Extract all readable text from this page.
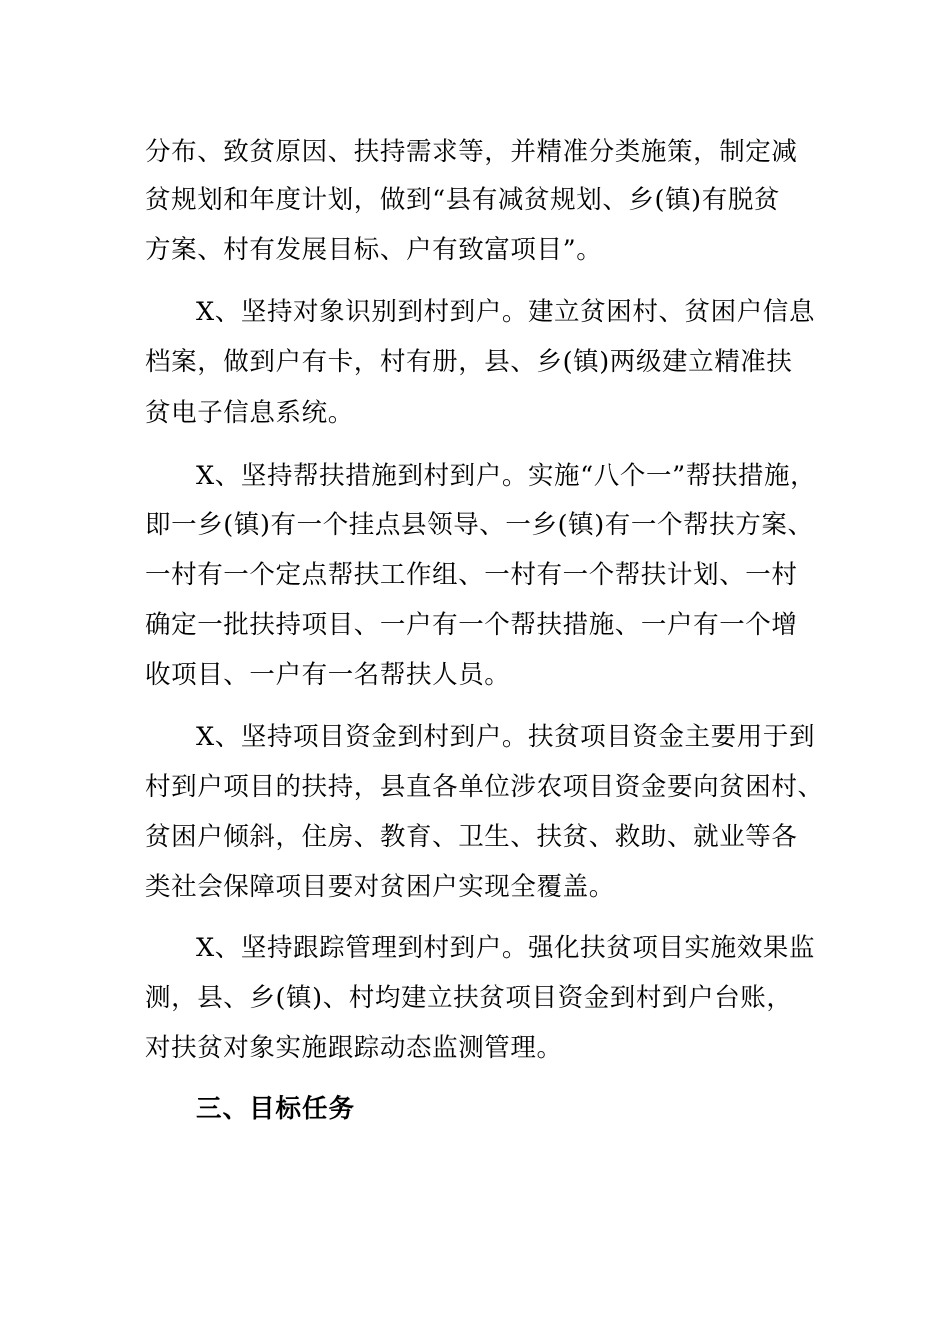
分布、致贫原因、扶持需求等，并精准分类施策，制定减
贫规划和年度计划，做到“县有减贫规划、乡(镇)有脱贫
方案、村有发展目标、户有致富项目”。
X、坚持对象识别到村到户。建立贫困村、贫困户信息
档案，做到户有卡，村有册，县、乡(镇)两级建立精准扶
贫电子信息系统。
X、坚持帮扶措施到村到户。实施“八个一”帮扶措施，
即一乡(镇)有一个挂点县领导、一乡(镇)有一个帮扶方案、
一村有一个定点帮扶工作组、一村有一个帮扶计划、一村
确定一批扶持项目、一户有一个帮扶措施、一户有一个增
收项目、一户有一名帮扶人员。
X、坚持项目资金到村到户。扶贫项目资金主要用于到
村到户项目的扶持，县直各单位涉农项目资金要向贫困村、
贫困户倾斜，住房、教育、卫生、扶贫、救助、就业等各
类社会保障项目要对贫困户实现全覆盖。
X、坚持跟踪管理到村到户。强化扶贫项目实施效果监
测，县、乡(镇)、村均建立扶贫项目资金到村到户台账，
对扶贫对象实施跟踪动态监测管理。
三、目标任务
